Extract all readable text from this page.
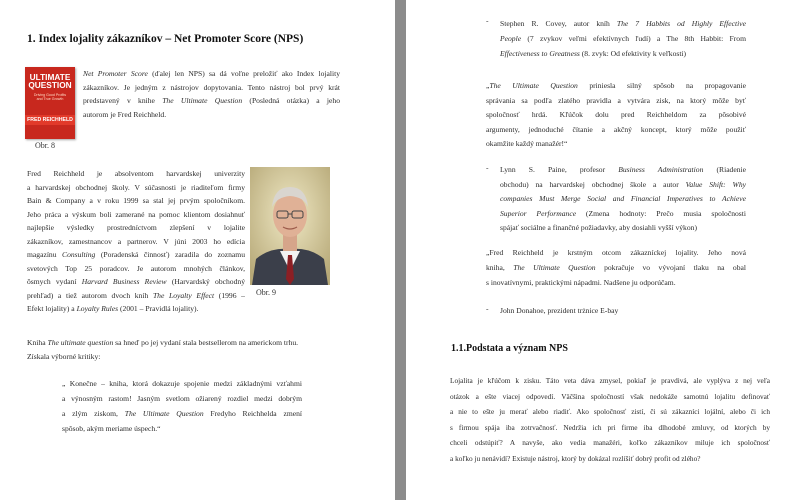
1. Index lojality zákazníkov – Net Promoter Score (NPS)
ULTIMATE
QUESTION
Driving Good Profits
and True Growth
FRED REICHHELD
Obr. 8
Net Promoter Score (ďalej len NPS) sa dá voľne preložiť ako Index lojality
zákazníkov. Je jedným z nástrojov dopytovania. Tento nástroj bol prvý krát
predstavený v knihe The Ultimate Question (Posledná otázka) a jeho
autorom je Fred Reichheld.
Fred Reichheld je absolventom harvardskej univerzity
a harvardskej obchodnej školy. V súčasnosti je riaditeľom firmy
Bain & Company a v roku 1999 sa stal jej prvým spoločníkom.
Jeho práca a výskum boli zamerané na pomoc klientom dosiahnuť
najlepšie výsledky prostredníctvom zlepšení v lojalite
zákazníkov, zamestnancov a partnerov. V júni 2003 ho edícia
magazínu Consulting (Poradenská činnosť) zaradila do zoznamu
svetových Top 25 poradcov. Je autorom mnohých článkov,
ôsmych vydaní Harvard Business Review (Harvardský obchodný
prehľad) a tiež autorom dvoch kníh The Loyalty Effect (1996 –
Efekt lojality) a Loyalty Rules (2001 – Pravidlá lojality).
Obr. 9
Kniha The ultimate question sa hneď po jej vydaní stala bestsellerom na americkom trhu.
Získala výborné kritiky:
„ Konečne – kniha, ktorá dokazuje spojenie medzi základnými vzťahmi
a výnosným rastom! Jasným svetlom ožiarený rozdiel medzi dobrým
a zlým ziskom, The Ultimate Question Fredyho Reichhelda zmení
spôsob, akým meriame úspech.“
- Stephen R. Covey, autor kníh The 7 Habbits od Highly Effective
People (7 zvykov veľmi efektívnych ľudí) a The 8th Habbit: From
Effectiveness to Greatness (8. zvyk: Od efektivity k veľkosti)
„The Ultimate Question priniesla silný spôsob na propagovanie
správania sa podľa zlatého pravidla a vytvára zisk, na ktorý môže byť
spoločnosť hrdá. Kľúčok dolu pred Reichheldom za pôsobivé
argumenty, jednoduché čítanie a akčný koncept, ktorý môže použiť
okamžite každý manažér!“
- Lynn S. Paine, profesor Business Administration (Riadenie
obchodu) na harvardskej obchodnej škole a autor Value Shift: Why
companies Must Merge Social and Financial Imperatives to Achieve
Superior Performance (Zmena hodnoty: Prečo musia spoločnosti
spájať sociálne a finančné požiadavky, aby dosiahli vyšší výkon)
„Fred Reichheld je krstným otcom zákazníckej lojality. Jeho nová
kniha, The Ultimate Question pokračuje vo vývojaní tlaku na obal
s inovatívnymi, praktickými nápadmi. Nadšene ju odporúčam.
- John Donahoe, prezident trżnice E-bay
1.1.Podstata a význam NPS
Lojalita je kľúčom k zisku. Táto veta dáva zmysel, pokiaľ je pravdivá, ale vyplýva z nej veľa
otázok a ešte viacej odpovedí. Väčšina spoločností však nedokáže samotnú lojalitu definovať
a nie to ešte ju merať alebo riadiť. Ako spoločnosť zistí, či sú zákazníci lojální, alebo či ich
s firmou spája iba zotrvačnosť. Nedržia ich pri firme iba dlhodobé zmluvy, od ktorých by
chceli odstúpiť? A navyše, ako vedia manažéri, koľko zákazníkov miluje ich spoločnosť
a koľko ju nenávidí? Existuje nástroj, ktorý by dokázal rozlíšiť dobrý profit od zlého?
